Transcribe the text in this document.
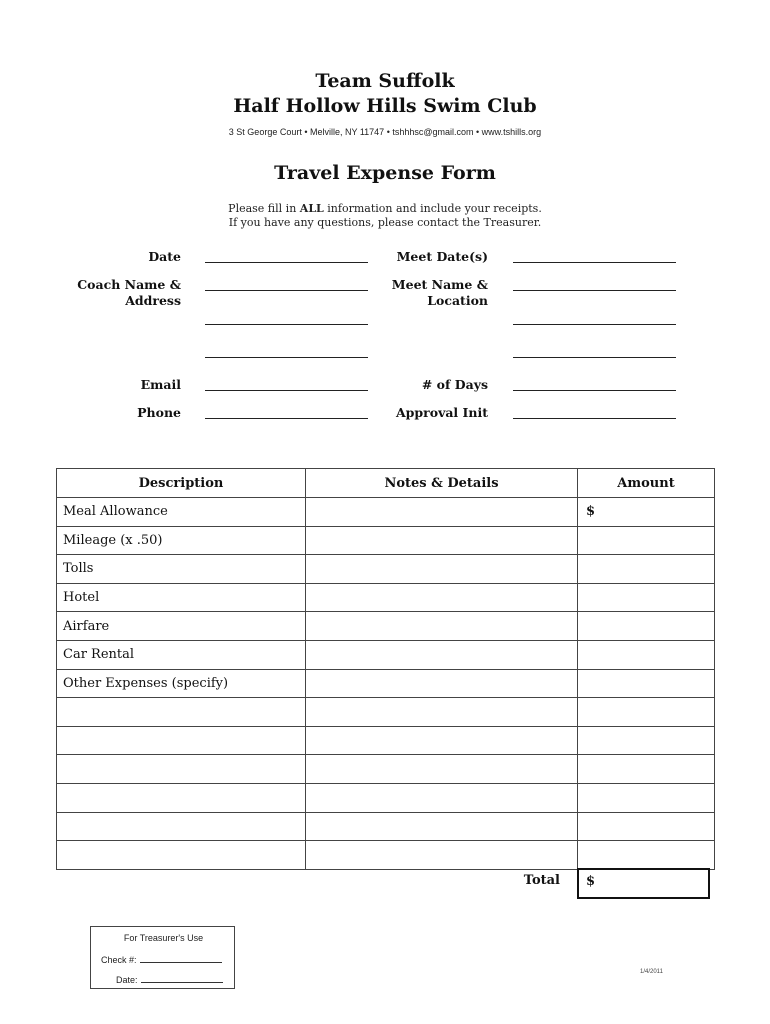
Team Suffolk
Half Hollow Hills Swim Club
3 St George Court • Melville, NY 11747 • tshhhsc@gmail.com • www.tshills.org
Travel Expense Form
Please fill in ALL information and include your receipts.
If you have any questions, please contact the Treasurer.
Date
Coach Name &
Address
Email
Phone
Meet Date(s)
Meet Name &
Location
# of Days
Approval Init
Description	Notes & Details	Amount
Meal Allowance		$
Mileage (x .50)		
Tolls		
Hotel		
Airfare		
Car Rental		
Other Expenses (specify)		

Total	$
For Treasurer's Use
Check #:
Date:
1/4/2011
